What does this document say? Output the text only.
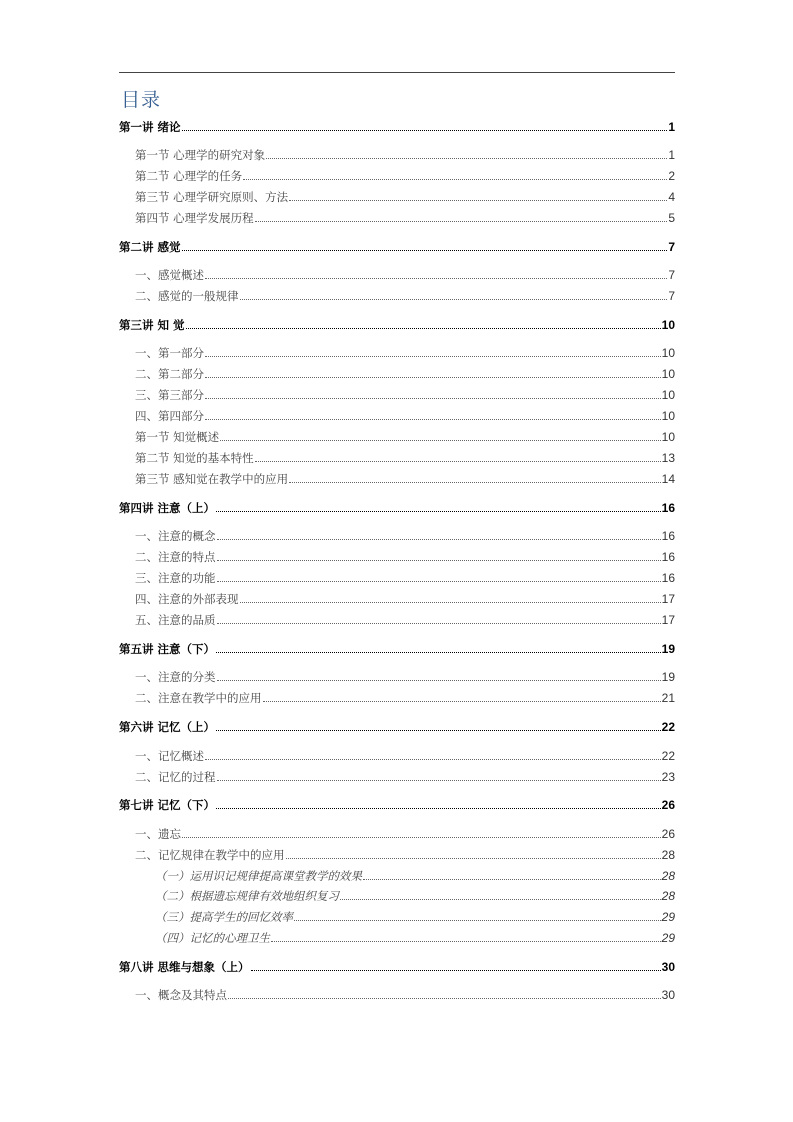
目录
第一讲 绪论	1
第一节 心理学的研究对象	1
第二节 心理学的任务	2
第三节 心理学研究原则、方法	4
第四节 心理学发展历程	5
第二讲 感觉	7
一、感觉概述	7
二、感觉的一般规律	7
第三讲 知 觉	10
一、第一部分	10
二、第二部分	10
三、第三部分	10
四、第四部分	10
第一节 知觉概述	10
第二节 知觉的基本特性	13
第三节 感知觉在教学中的应用	14
第四讲 注意（上）	16
一、注意的概念	16
二、注意的特点	16
三、注意的功能	16
四、注意的外部表现	17
五、注意的品质	17
第五讲 注意（下）	19
一、注意的分类	19
二、注意在教学中的应用	21
第六讲 记忆（上）	22
一、记忆概述	22
二、记忆的过程	23
第七讲 记忆（下）	26
一、遗忘	26
二、记忆规律在教学中的应用	28
（一）运用识记规律提高课堂教学的效果	28
（二）根据遗忘规律有效地组织复习	28
（三）提高学生的回忆效率	29
（四）记忆的心理卫生	29
第八讲 思维与想象（上）	30
一、概念及其特点	30
